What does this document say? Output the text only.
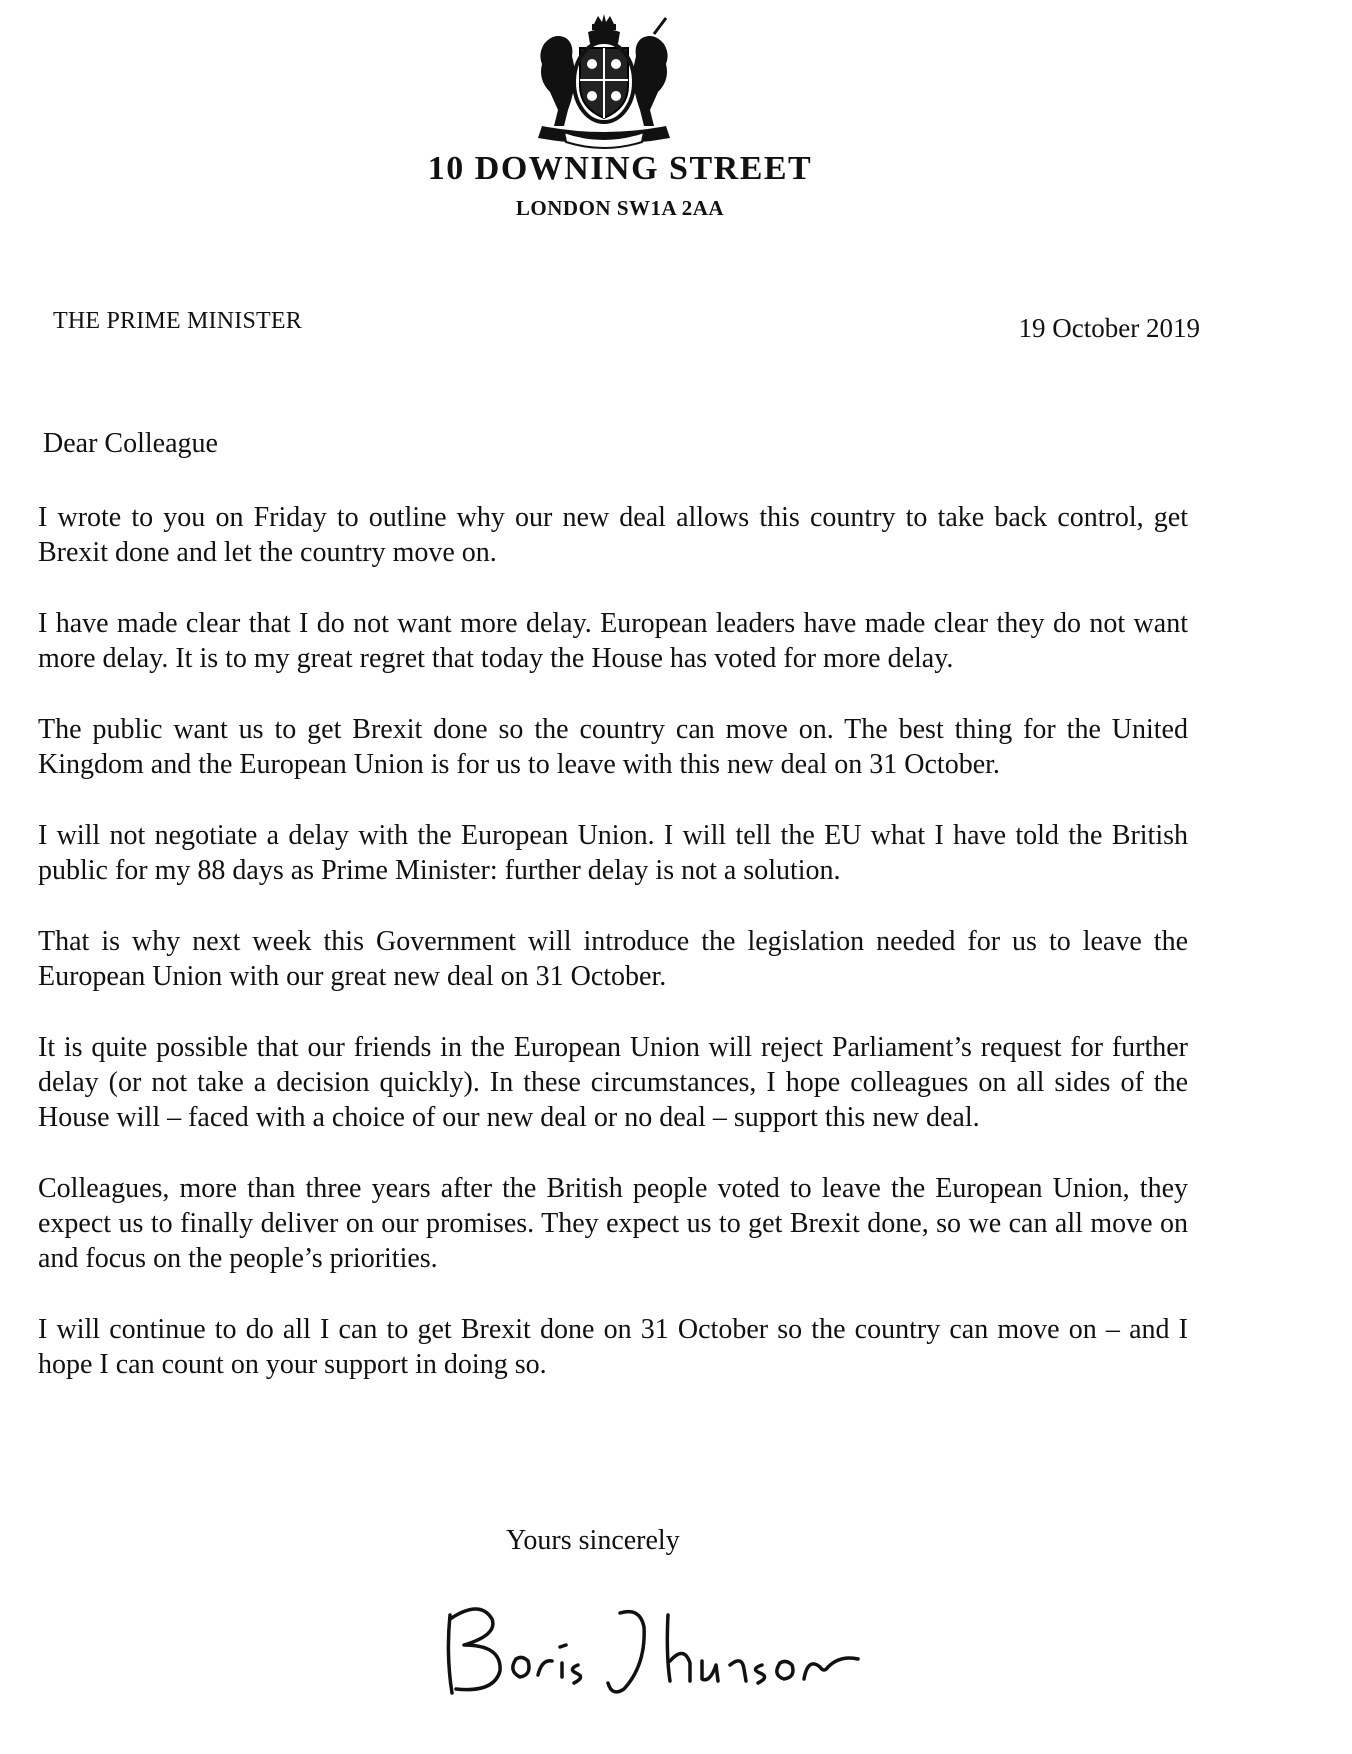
10 DOWNING STREET
LONDON SW1A 2AA
THE PRIME MINISTER	19 October 2019
Dear Colleague

I wrote to you on Friday to outline why our new deal allows this country to take back control, get Brexit done and let the country move on.

I have made clear that I do not want more delay. European leaders have made clear they do not want more delay. It is to my great regret that today the House has voted for more delay.

The public want us to get Brexit done so the country can move on. The best thing for the United Kingdom and the European Union is for us to leave with this new deal on 31 October.

I will not negotiate a delay with the European Union. I will tell the EU what I have told the British public for my 88 days as Prime Minister: further delay is not a solution.

That is why next week this Government will introduce the legislation needed for us to leave the European Union with our great new deal on 31 October.

It is quite possible that our friends in the European Union will reject Parliament’s request for further delay (or not take a decision quickly). In these circumstances, I hope colleagues on all sides of the House will – faced with a choice of our new deal or no deal – support this new deal.

Colleagues, more than three years after the British people voted to leave the European Union, they expect us to finally deliver on our promises. They expect us to get Brexit done, so we can all move on and focus on the people’s priorities.

I will continue to do all I can to get Brexit done on 31 October so the country can move on – and I hope I can count on your support in doing so.

Yours sincerely
